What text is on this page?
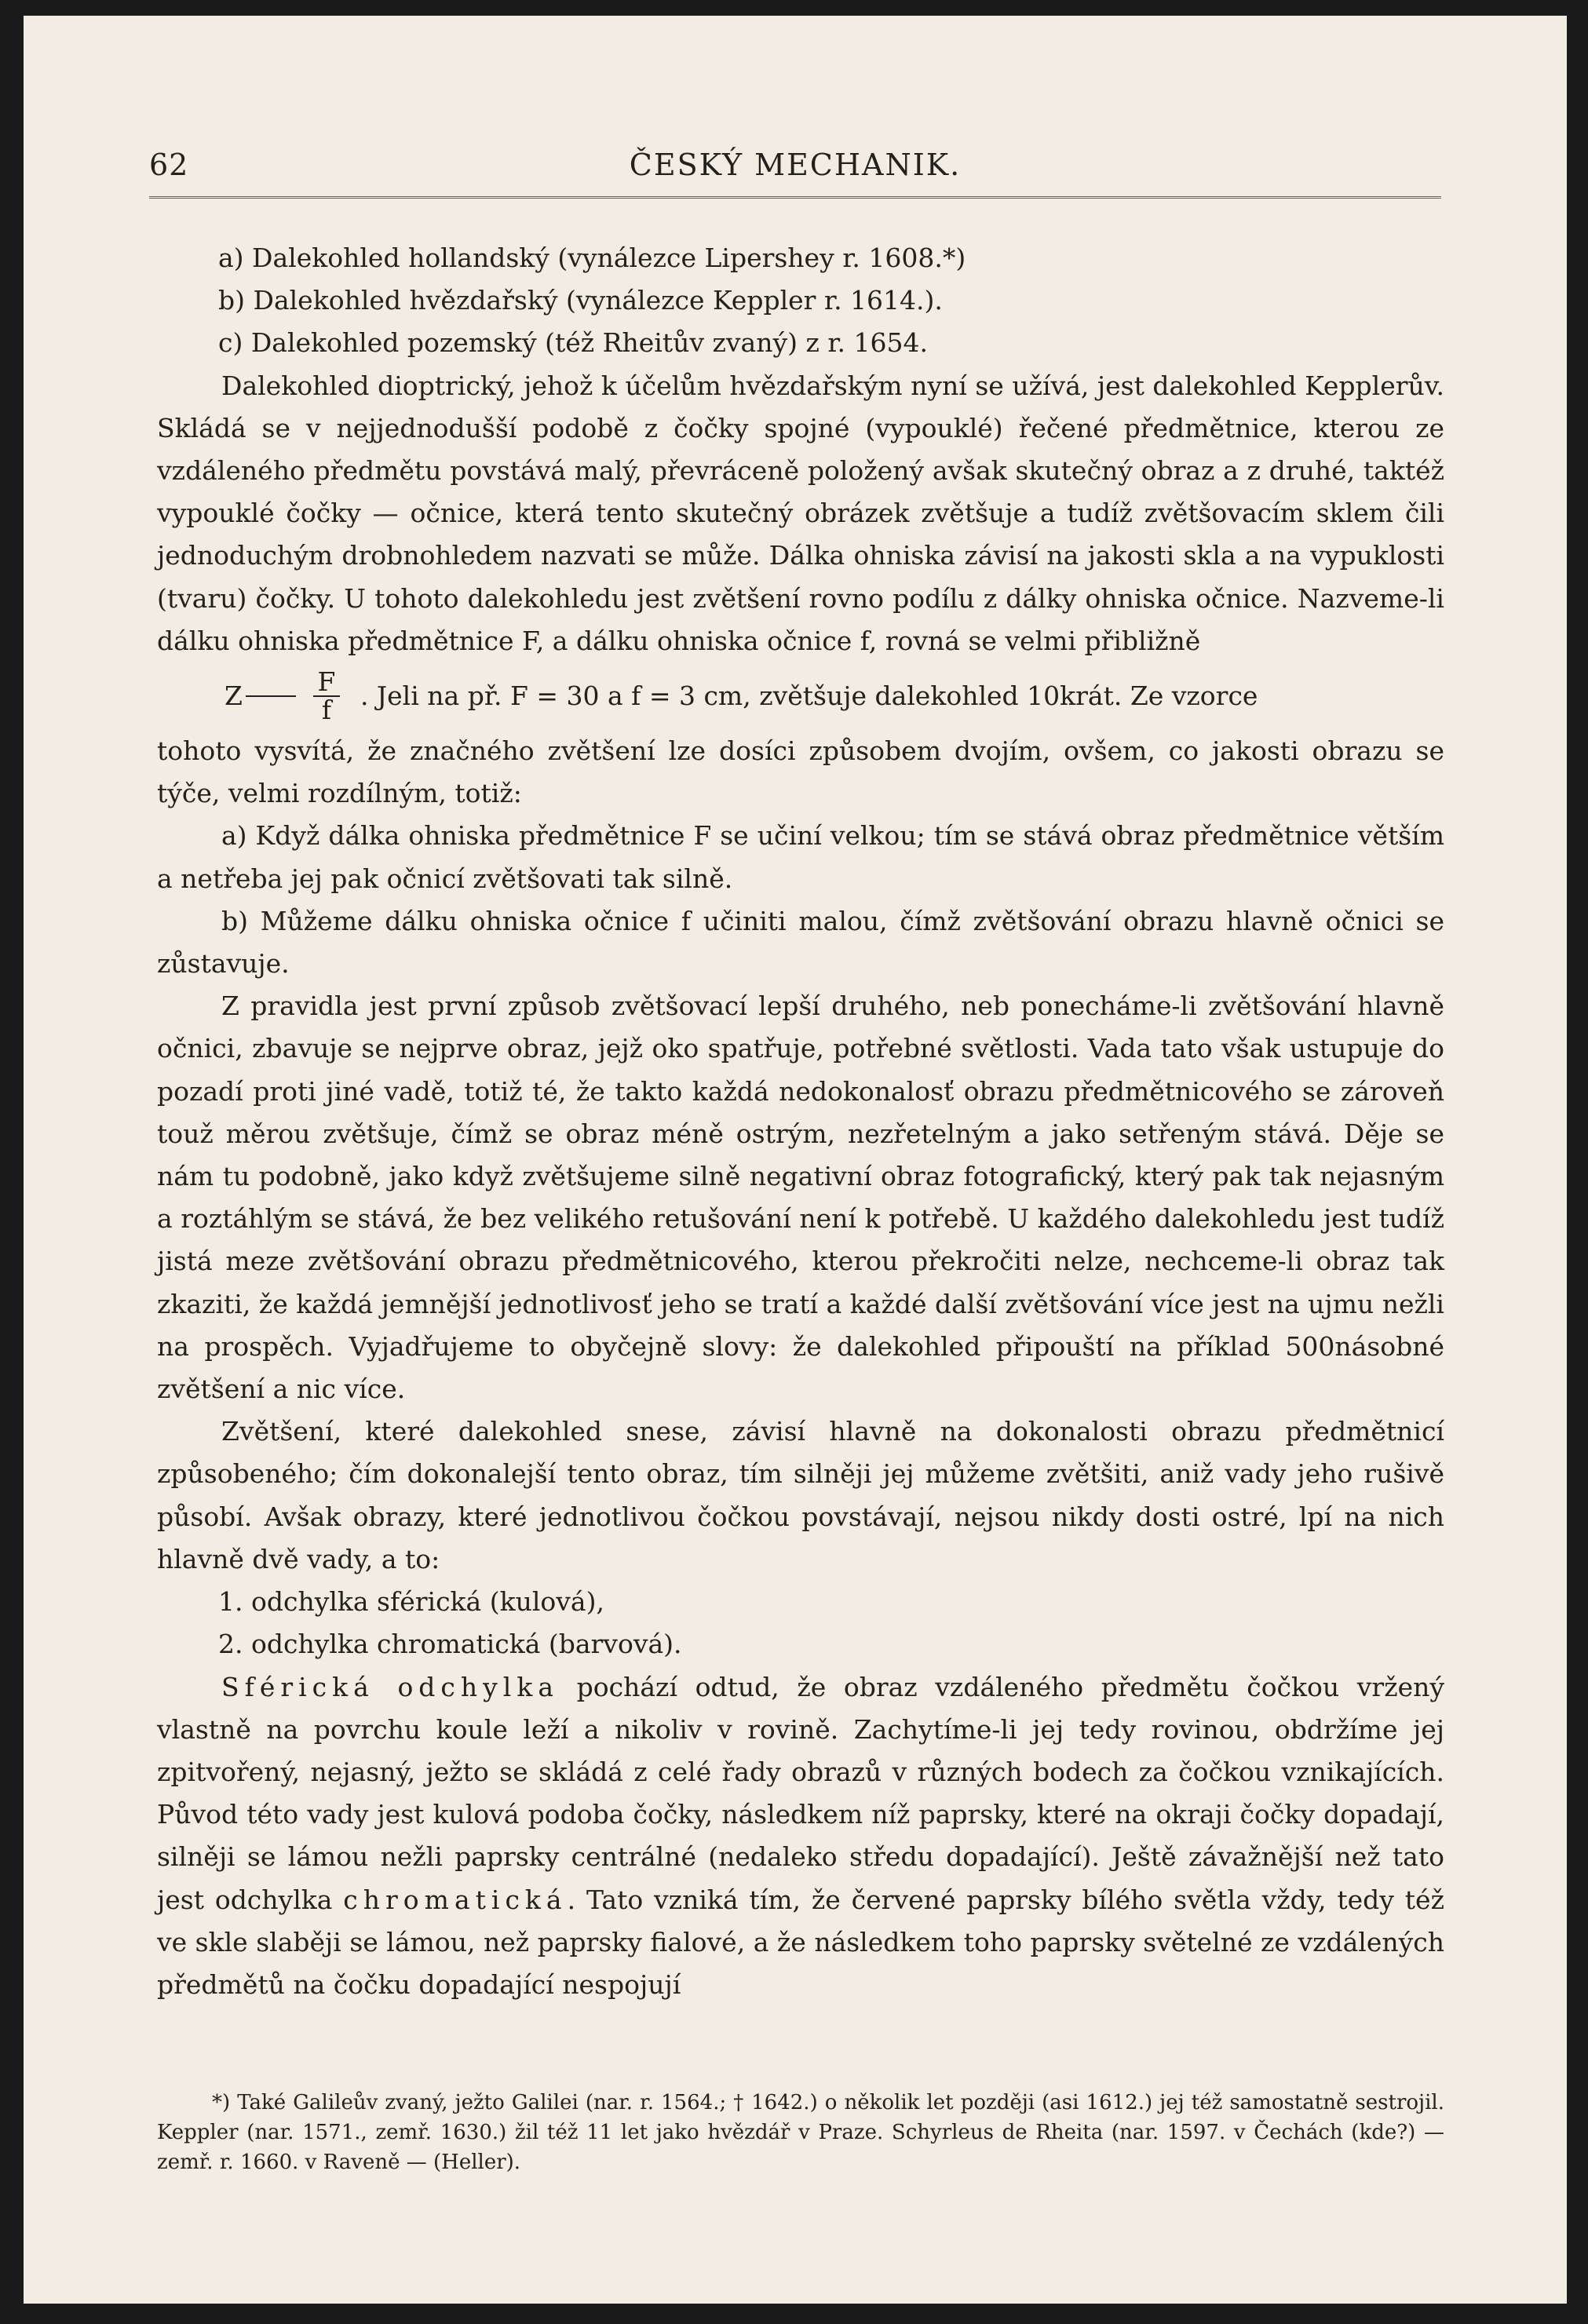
62	ČESKÝ MECHANIK.

a) Dalekohled hollandský (vynálezce Lipershey r. 1608.*)

b) Dalekohled hvězdařský (vynálezce Keppler r. 1614.).

c) Dalekohled pozemský (též Rheitův zvaný) z r. 1654.

Dalekohled dioptrický, jehož k účelům hvězdařským nyní se užívá, jest dalekohled Kepplerův. Skládá se v nejjednodušší podobě z čočky spojné (vypouklé) řečené předmětnice, kterou ze vzdáleného předmětu povstává malý, převráceně položený avšak skutečný obraz a z druhé, taktéž vypouklé čočky — očnice, která tento skutečný obrázek zvětšuje a tudíž zvětšovacím sklem čili jednoduchým drobnohledem nazvati se může. Dálka ohniska závisí na jakosti skla a na vypuklosti (tvaru) čočky. U tohoto dalekohledu jest zvětšení rovno podílu z dálky ohniska očnice. Nazveme-li dálku ohniska předmětnice F, a dálku ohniska očnice f, rovná se velmi přibližně

Z	$\frac{F}{f}$ . Jeli na př. F = 30 a f = 3 cm, zvětšuje dalekohled 10krát. Ze vzorce

tohoto vysvítá, že značného zvětšení lze dosíci způsobem dvojím, ovšem, co jakosti obrazu se týče, velmi rozdílným, totiž:

a) Když dálka ohniska předmětnice F se učiní velkou; tím se stává obraz předmětnice větším a netřeba jej pak očnicí zvětšovati tak silně.

b) Můžeme dálku ohniska očnice f učiniti malou, čímž zvětšování obrazu hlavně očnici se zůstavuje.

Z pravidla jest první způsob zvětšovací lepší druhého, neb ponecháme-li zvětšování hlavně očnici, zbavuje se nejprve obraz, jejž oko spatřuje, potřebné světlosti. Vada tato však ustupuje do pozadí proti jiné vadě, totiž té, že takto každá nedokonalosť obrazu předmětnicového se zároveň touž měrou zvětšuje, čímž se obraz méně ostrým, nezřetelným a jako setřeným stává. Děje se nám tu podobně, jako když zvětšujeme silně negativní obraz fotografický, který pak tak nejasným a roztáhlým se stává, že bez velikého retušování není k potřebě. U každého dalekohledu jest tudíž jistá meze zvětšování obrazu předmětnicového, kterou překročiti nelze, nechceme-li obraz tak zkaziti, že každá jemnější jednotlivosť jeho se tratí a každé další zvětšování více jest na ujmu nežli na prospěch. Vyjadřujeme to obyčejně slovy: že dalekohled připouští na příklad 500násobné zvětšení a nic více.

Zvětšení, které dalekohled snese, závisí hlavně na dokonalosti obrazu předmětnicí způsobeného; čím dokonalejší tento obraz, tím silněji jej můžeme zvětšiti, aniž vady jeho rušivě působí. Avšak obrazy, které jednotlivou čočkou povstávají, nejsou nikdy dosti ostré, lpí na nich hlavně dvě vady, a to:

1. odchylka sférická (kulová),

2. odchylka chromatická (barvová).

Sférická odchylka pochází odtud, že obraz vzdáleného předmětu čočkou vržený vlastně na povrchu koule leží a nikoliv v rovině. Zachytíme-li jej tedy rovinou, obdržíme jej zpitvořený, nejasný, ježto se skládá z celé řady obrazů v různých bodech za čočkou vznikajících. Původ této vady jest kulová podoba čočky, následkem níž paprsky, které na okraji čočky dopadají, silněji se lámou nežli paprsky centrálné (nedaleko středu dopadající). Ještě závažnější než tato jest odchylka chromatická. Tato vzniká tím, že červené paprsky bílého světla vždy, tedy též ve skle slaběji se lámou, než paprsky fialové, a že následkem toho paprsky světelné ze vzdálených předmětů na čočku dopadající nespojují

*) Také Galileův zvaný, ježto Galilei (nar. r. 1564.; † 1642.) o několik let později (asi 1612.) jej též samostatně sestrojil. Keppler (nar. 1571., zemř. 1630.) žil též 11 let jako hvězdář v Praze. Schyrleus de Rheita (nar. 1597. v Čechách (kde?) — zemř. r. 1660. v Raveně — (Heller).
